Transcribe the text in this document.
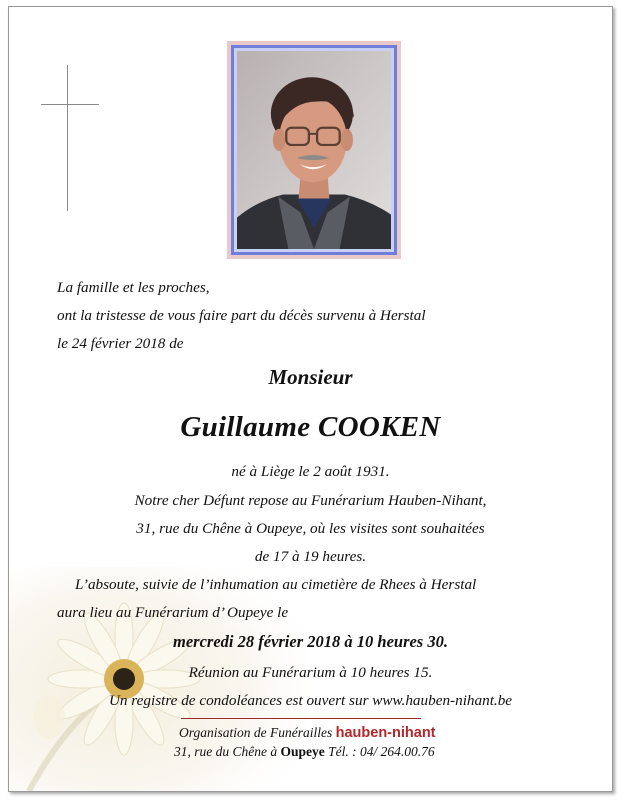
La famille et les proches,
ont la tristesse de vous faire part du décès survenu à Herstal
le 24 février 2018 de
Monsieur
Guillaume COOKEN
né à Liège le 2 août 1931.
Notre cher Défunt repose au Funérarium Hauben-Nihant,
31, rue du Chêne à Oupeye, où les visites sont souhaitées
de 17 à 19 heures.
L’absoute, suivie de l’inhumation au cimetière de Rhees à Herstal
aura lieu au Funérarium d’ Oupeye le
mercredi 28 février 2018 à 10 heures 30.
Réunion au Funérarium à 10 heures 15.
Un registre de condoléances est ouvert sur www.hauben-nihant.be
Organisation de Funérailles hauben-nihant
31, rue du Chêne à Oupeye Tél. : 04/ 264.00.76
